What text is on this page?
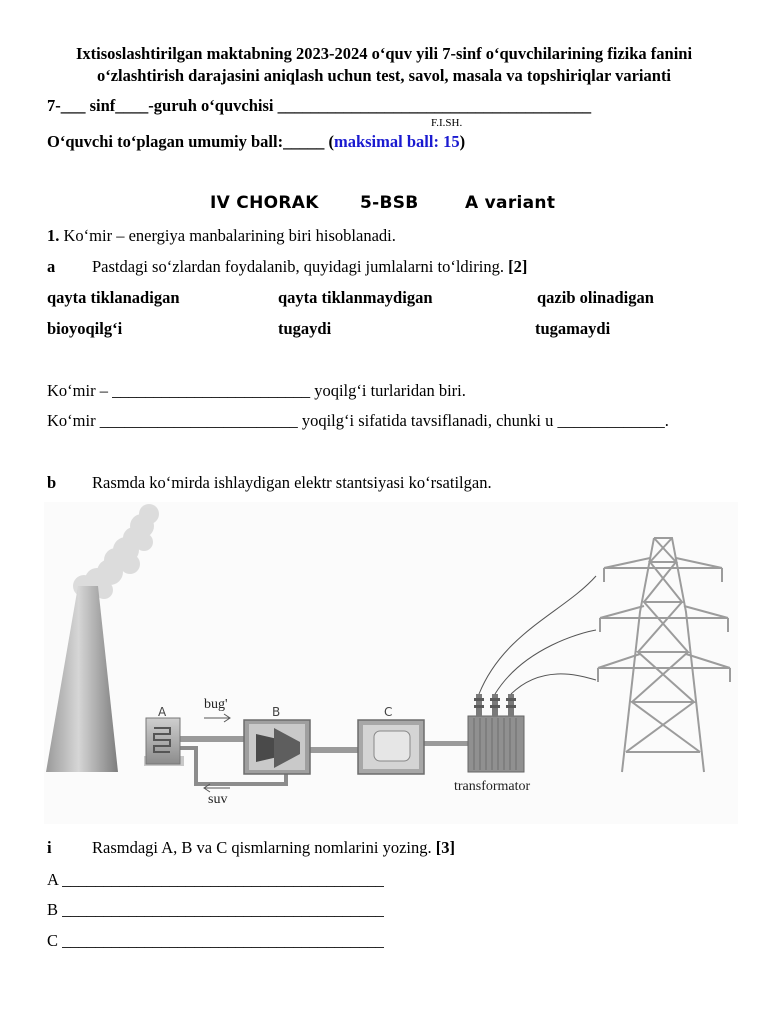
Ixtisoslashtirilgan maktabning 2023-2024 o‘quv yili 7-sinf o‘quvchilarining fizika fanini
o‘zlashtirish darajasini aniqlash uchun test, savol, masala va topshiriqlar varianti
7-___ sinf____-guruh o‘quvchisi ______________________________________
F.I.SH.
O‘quvchi to‘plagan umumiy ball:_____ (maksimal ball: 15)
IV CHORAK 5-BSB	A variant
1. Ko‘mir – energiya manbalarining biri hisoblanadi.
a Pastdagi so‘zlardan foydalanib, quyidagi jumlalarni to‘ldiring. [2]
qayta tiklanadigan	qayta tiklanmaydigan	qazib olinadigan
bioyoqilg‘i	tugaydi	tugamaydi
Ko‘mir – ________________________ yoqilg‘i turlaridan biri.
Ko‘mir ________________________ yoqilg‘i sifatida tavsiflanadi, chunki u _____________.
b Rasmda ko‘mirda ishlaydigan elektr stantsiyasi ko‘rsatilgan.
A	B	C
bug'
suv
transformator
i Rasmdagi A, B va C qismlarning nomlarini yozing. [3]
A _______________________________________
B _______________________________________
C _______________________________________
